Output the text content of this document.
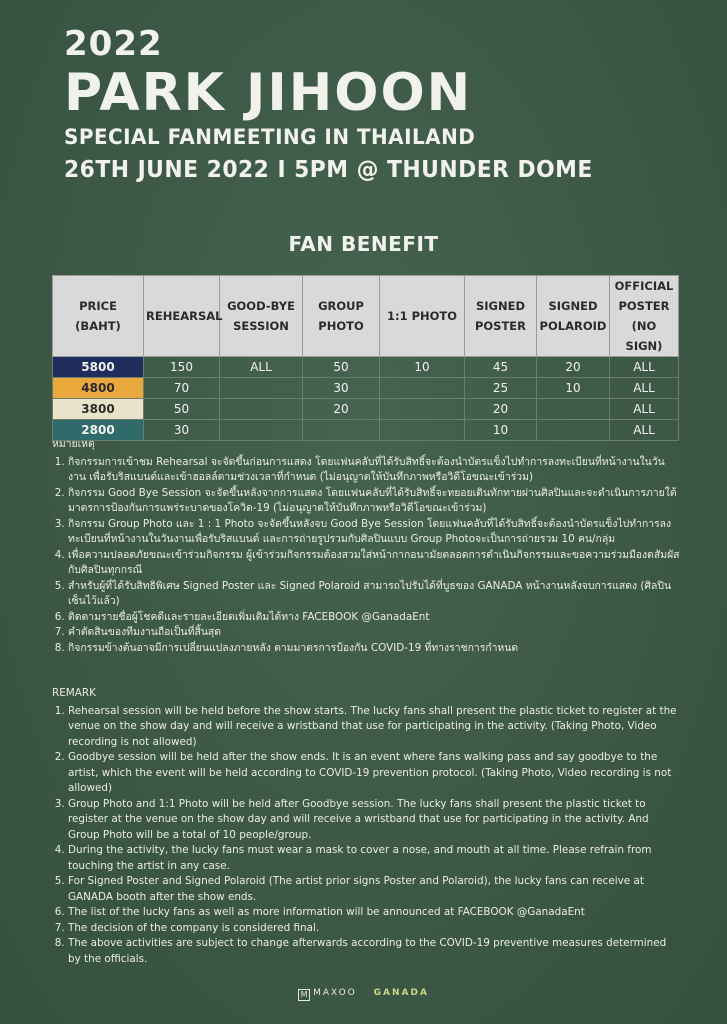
2022

PARK JIHOON

SPECIAL FANMEETING IN THAILAND

26TH JUNE 2022 I 5PM @ THUNDER DOME

FAN BENEFIT
PRICE (BAHT)	REHEARSAL	GOOD-BYE SESSION	GROUP PHOTO	1:1 PHOTO	SIGNED POSTER	SIGNED POLAROID	OFFICIAL POSTER (NO SIGN)
5800	150	ALL	50	10	45	20	ALL
4800	70		30		25	10	ALL
3800	50		20		20		ALL
2800	30				10		ALL

หมายเหตุ

1. กิจกรรมการเข้าชม Rehearsal จะจัดขึ้นก่อนการแสดง โดยแฟนคลับที่ได้รับสิทธิ์จะต้องนำบัตรแข็งไปทำการลงทะเบียนที่หน้างานในวันงาน เพื่อรับริสแบนด์และเข้าฮอลล์ตามช่วงเวลาที่กำหนด (ไม่อนุญาตให้บันทึกภาพหรือวิดีโอขณะเข้าร่วม)
2. กิจกรรม Good Bye Session จะจัดขึ้นหลังจากการแสดง โดยแฟนคลับที่ได้รับสิทธิ์จะทยอยเดินทักทายผ่านศิลปินและจะดำเนินการภายใต้มาตรการป้องกันการแพร่ระบาดของโควิด-19 (ไม่อนุญาตให้บันทึกภาพหรือวิดีโอขณะเข้าร่วม)
3. กิจกรรม Group Photo และ 1 : 1 Photo จะจัดขึ้นหลังจบ Good Bye Session โดยแฟนคลับที่ได้รับสิทธิ์จะต้องนำบัตรแข็งไปทำการลงทะเบียนที่หน้างานในวันงานเพื่อรับริสแบนด์ และการถ่ายรูปรวมกับศิลปินแบบ Group Photoจะเป็นการถ่ายรวม 10 คน/กลุ่ม
4. เพื่อความปลอดภัยขณะเข้าร่วมกิจกรรม ผู้เข้าร่วมกิจกรรมต้องสวมใส่หน้ากากอนามัยตลอดการดำเนินกิจกรรมและขอความร่วมมืองดสัมผัสกับศิลปินทุกกรณี
5. สำหรับผู้ที่ได้รับสิทธิพิเศษ Signed Poster และ Signed Polaroid สามารถไปรับได้ที่บูธของ GANADA หน้างานหลังจบการแสดง (ศิลปินเซ็นไว้แล้ว)
6. ติดตามรายชื่อผู้โชคดีและรายละเอียดเพิ่มเติมได้ทาง FACEBOOK @GanadaEnt
7. คำตัดสินของทีมงานถือเป็นที่สิ้นสุด
8. กิจกรรมข้างต้นอาจมีการเปลี่ยนแปลงภายหลัง ตามมาตรการป้องกัน COVID-19 ที่ทางราชการกำหนด

REMARK

1. Rehearsal session will be held before the show starts. The lucky fans shall present the plastic ticket to register at the venue on the show day and will receive a wristband that use for participating in the activity. (Taking Photo, Video recording is not allowed)
2. Goodbye session will be held after the show ends. It is an event where fans walking pass and say goodbye to the artist, which the event will be held according to COVID-19 prevention protocol. (Taking Photo, Video recording is not allowed)
3. Group Photo and 1:1 Photo will be held after Goodbye session. The lucky fans shall present the plastic ticket to register at the venue on the show day and will receive a wristband that use for participating in the activity. And Group Photo will be a total of 10 people/group.
4. During the activity, the lucky fans must wear a mask to cover a nose, and mouth at all time. Please refrain from touching the artist in any case.
5. For Signed Poster and Signed Polaroid (The artist prior signs Poster and Polaroid), the lucky fans can receive at GANADA booth after the show ends.
6. The list of the lucky fans as well as more information will be announced at FACEBOOK @GanadaEnt
7. The decision of the company is considered final.
8. The above activities are subject to change afterwards according to the COVID-19 preventive measures determined by the officials.
M MAXOO GANADA
